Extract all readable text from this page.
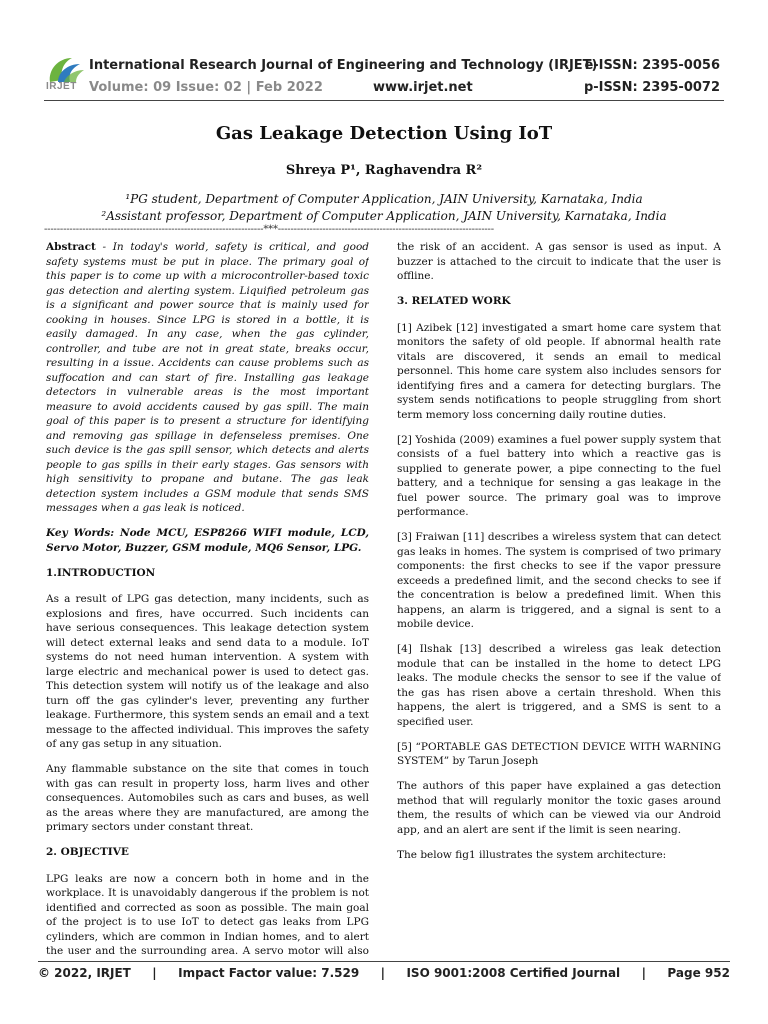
IRJET
International Research Journal of Engineering and Technology (IRJET)
Volume: 09 Issue: 02 | Feb 2022	www.irjet.net
e-ISSN: 2395-0056
p-ISSN: 2395-0072
Gas Leakage Detection Using IoT
Shreya P¹, Raghavendra R²
¹PG student, Department of Computer Application, JAIN University, Karnataka, India
²Assistant professor, Department of Computer Application, JAIN University, Karnataka, India
---------------------------------------------------------------------***--------------------------------------------------------------------

Abstract - In today's world, safety is critical, and good safety systems must be put in place. The primary goal of this paper is to come up with a microcontroller-based toxic gas detection and alerting system. Liquified petroleum gas is a significant and power source that is mainly used for cooking in houses. Since LPG is stored in a bottle, it is easily damaged. In any case, when the gas cylinder, controller, and tube are not in great state, breaks occur, resulting in a issue. Accidents can cause problems such as suffocation and can start of fire. Installing gas leakage detectors in vulnerable areas is the most important measure to avoid accidents caused by gas spill. The main goal of this paper is to present a structure for identifying and removing gas spillage in defenseless premises. One such device is the gas spill sensor, which detects and alerts people to gas spills in their early stages. Gas sensors with high sensitivity to propane and butane. The gas leak detection system includes a GSM module that sends SMS messages when a gas leak is noticed.

Key Words: Node MCU, ESP8266 WIFI module, LCD, Servo Motor, Buzzer, GSM module, MQ6 Sensor, LPG.

1.INTRODUCTION

As a result of LPG gas detection, many incidents, such as explosions and fires, have occurred. Such incidents can have serious consequences. This leakage detection system will detect external leaks and send data to a module. IoT systems do not need human intervention. A system with large electric and mechanical power is used to detect gas. This detection system will notify us of the leakage and also turn off the gas cylinder's lever, preventing any further leakage. Furthermore, this system sends an email and a text message to the affected individual. This improves the safety of any gas setup in any situation.

Any flammable substance on the site that comes in touch with gas can result in property loss, harm lives and other consequences. Automobiles such as cars and buses, as well as the areas where they are manufactured, are among the primary sectors under constant threat.

2. OBJECTIVE

LPG leaks are now a concern both in home and in the workplace. It is unavoidably dangerous if the problem is not identified and corrected as soon as possible. The main goal of the project is to use IoT to detect gas leaks from LPG cylinders, which are common in Indian homes, and to alert the user and the surrounding area. A servo motor will also

the risk of an accident. A gas sensor is used as input. A buzzer is attached to the circuit to indicate that the user is offline.

3. RELATED WORK

[1] Azibek [12] investigated a smart home care system that monitors the safety of old people. If abnormal health rate vitals are discovered, it sends an email to medical personnel. This home care system also includes sensors for identifying fires and a camera for detecting burglars. The system sends notifications to people struggling from short term memory loss concerning daily routine duties.

[2] Yoshida (2009) examines a fuel power supply system that consists of a fuel battery into which a reactive gas is supplied to generate power, a pipe connecting to the fuel battery, and a technique for sensing a gas leakage in the fuel power source. The primary goal was to improve performance.

[3] Fraiwan [11] describes a wireless system that can detect gas leaks in homes. The system is comprised of two primary components: the first checks to see if the vapor pressure exceeds a predefined limit, and the second checks to see if the concentration is below a predefined limit. When this happens, an alarm is triggered, and a signal is sent to a mobile device.

[4] Ilshak [13] described a wireless gas leak detection module that can be installed in the home to detect LPG leaks. The module checks the sensor to see if the value of the gas has risen above a certain threshold. When this happens, the alert is triggered, and a SMS is sent to a specified user.

[5] “PORTABLE GAS DETECTION DEVICE WITH WARNING SYSTEM” by Tarun Joseph

The authors of this paper have explained a gas detection method that will regularly monitor the toxic gases around them, the results of which can be viewed via our Android app, and an alert are sent if the limit is seen nearing.

The below fig1 illustrates the system architecture:

© 2022, IRJET | Impact Factor value: 7.529 | ISO 9001:2008 Certified Journal | Page 952
